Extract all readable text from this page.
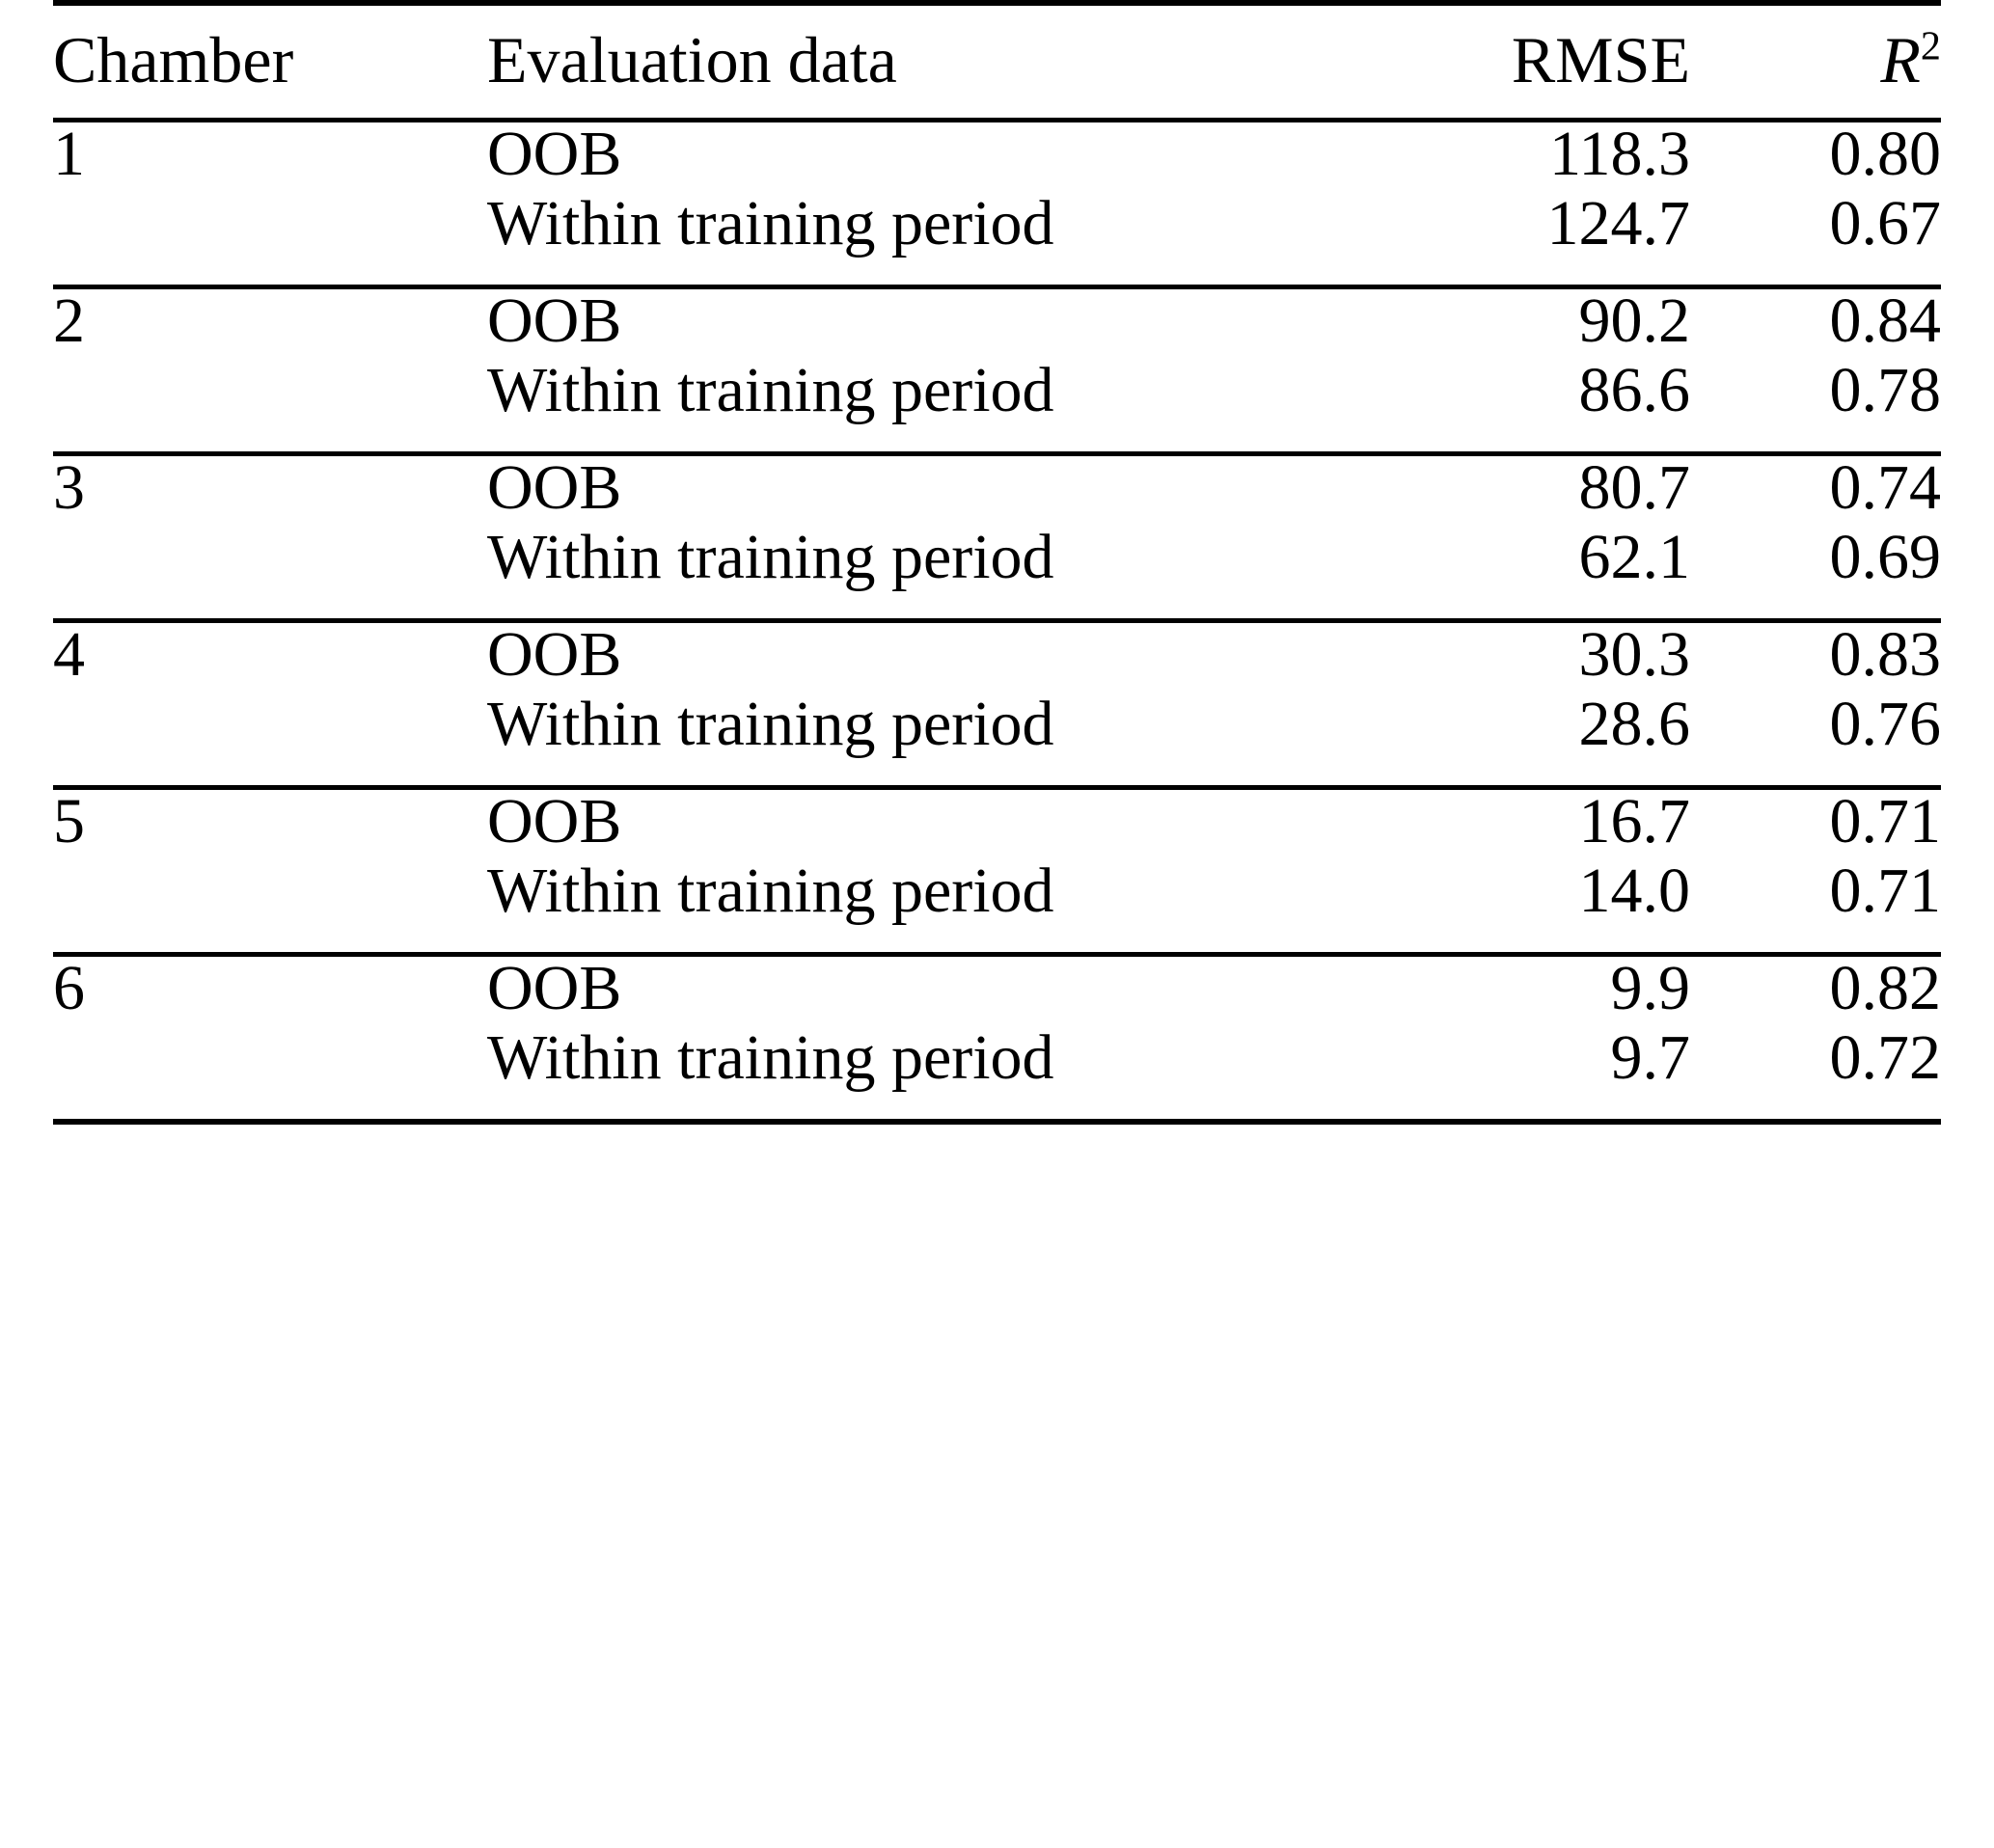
Chamber	Evaluation data	RMSE	$R^2$

1	OOB	118.3	0.80
	Within training period	124.7	0.67

2	OOB	90.2	0.84
	Within training period	86.6	0.78

3	OOB	80.7	0.74
	Within training period	62.1	0.69

4	OOB	30.3	0.83
	Within training period	28.6	0.76

5	OOB	16.7	0.71
	Within training period	14.0	0.71

6	OOB	9.9	0.82
	Within training period	9.7	0.72
